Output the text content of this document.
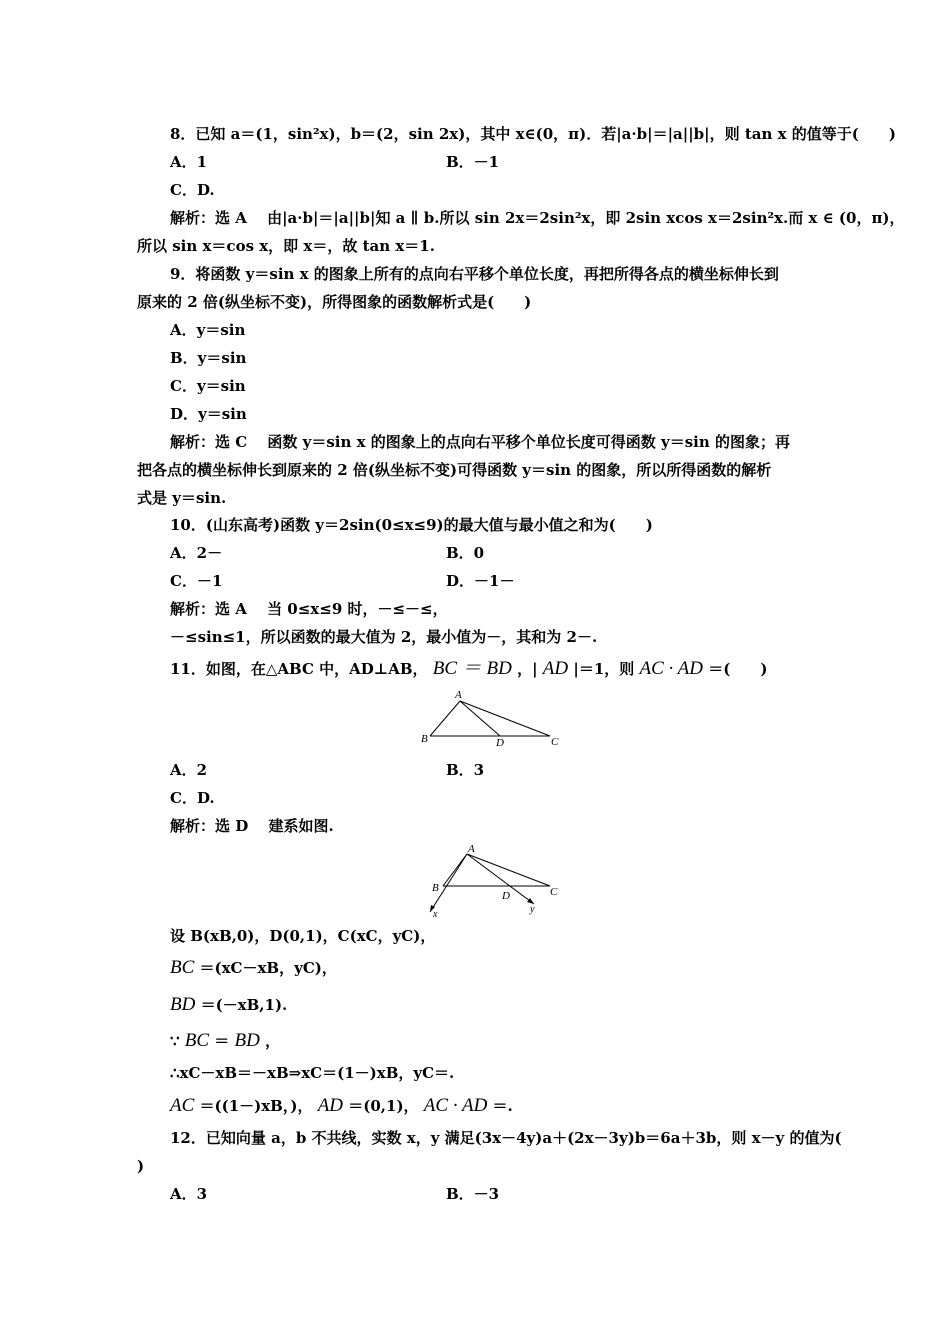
8．已知 a＝(1，sin²x)，b＝(2，sin 2x)，其中 x∈(0，π)．若|a·b|＝|a||b|，则 tan x 的值等于(　　)
A．1	B．－1
C．D.
解析：选 A　 由|a·b|＝|a||b|知 a ∥ b.所以 sin 2x＝2sin²x，即 2sin xcos x＝2sin²x.而 x ∈ (0，π)，
所以 sin x＝cos x，即 x＝，故 tan x＝1.
9．将函数 y＝sin x 的图象上所有的点向右平移个单位长度，再把所得各点的横坐标伸长到
原来的 2 倍(纵坐标不变)，所得图象的函数解析式是(　　)
A．y＝sin
B．y＝sin
C．y＝sin
D．y＝sin
解析：选 C　 函数 y＝sin x 的图象上的点向右平移个单位长度可得函数 y＝sin 的图象；再
把各点的横坐标伸长到原来的 2 倍(纵坐标不变)可得函数 y＝sin 的图象，所以所得函数的解析
式是 y＝sin.
10．(山东高考)函数 y＝2sin(0≤x≤9)的最大值与最小值之和为(　　)
A．2－	B．0
C．－1	D．－1－
解析：选 A　 当 0≤x≤9 时，－≤－≤，
－≤sin≤1，所以函数的最大值为 2，最小值为－，其和为 2－.
11．如图，在△ABC 中，AD⊥AB， BC ＝ BD ，| AD |＝1，则 AC · AD ＝(　　)
A
B	C
D
A．2	B．3
C．D.
解析：选 D　 建系如图.
A
B	C
D
x	y
设 B(xB,0)，D(0,1)，C(xC，yC)，
BC ＝(xC－xB，yC)，
BD ＝(－xB,1).
∵ BC ＝ BD ，
∴xC－xB＝－xB⇒xC＝(1－)xB，yC＝.
AC ＝((1－)xB，)， AD ＝(0,1)， AC · AD ＝.
12．已知向量 a，b 不共线，实数 x，y 满足(3x－4y)a＋(2x－3y)b＝6a＋3b，则 x－y 的值为(
)
A．3	B．－3
